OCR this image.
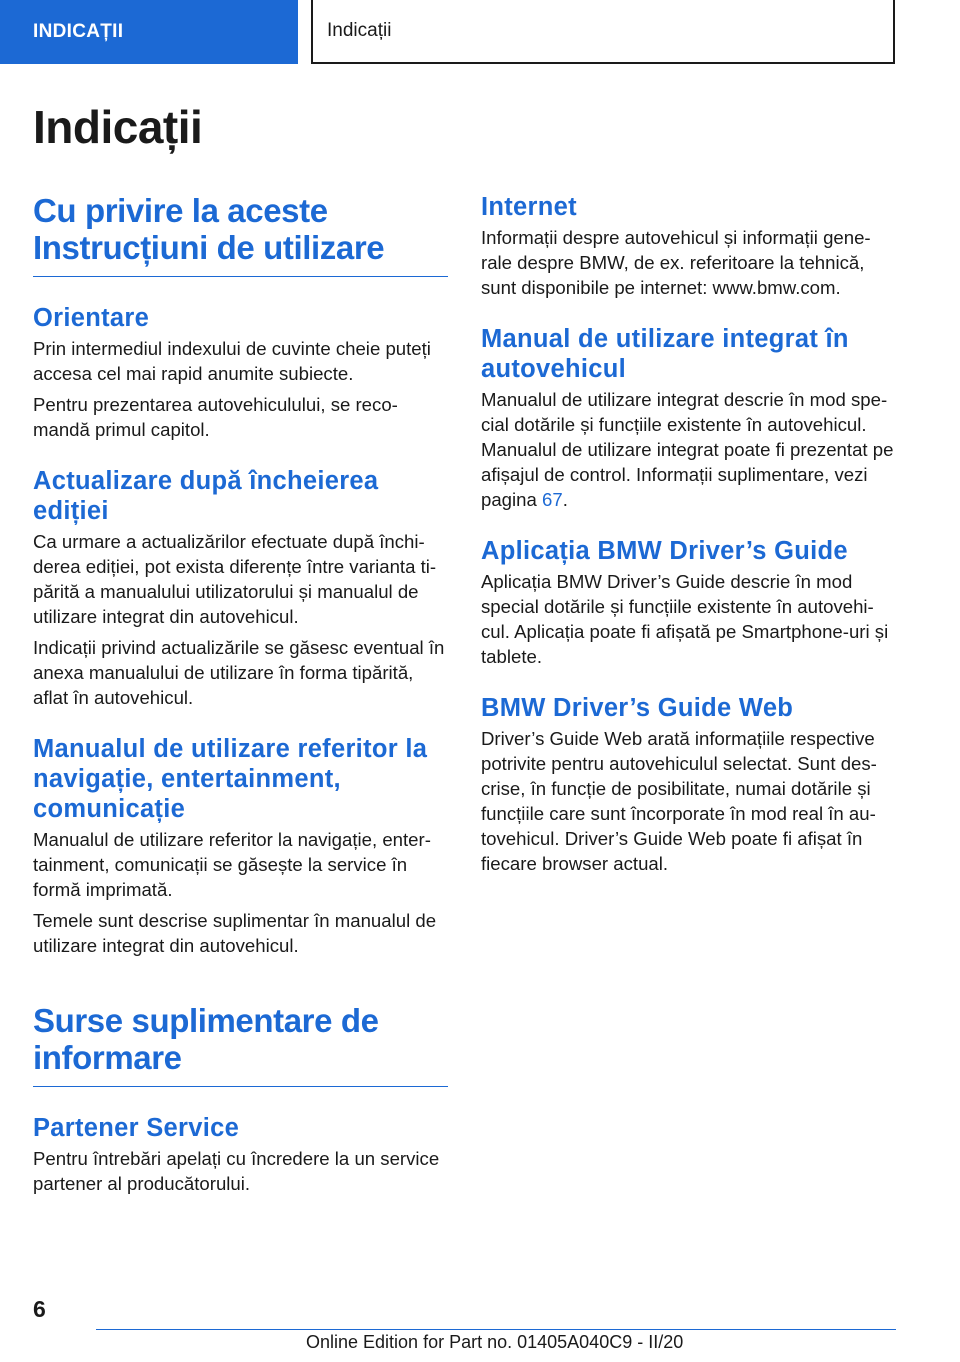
INDICAȚII	Indicații
Indicații
Cu privire la aceste Instrucțiuni de utilizare
Orientare

Prin intermediul indexului de cuvinte cheie puteți accesa cel mai rapid anumite subiecte.

Pentru prezentarea autovehiculului, se reco-mandă primul capitol.

Actualizare după încheierea ediției

Ca urmare a actualizărilor efectuate după închi-derea ediției, pot exista diferențe între varianta ti-părită a manualului utilizatorului și manualul de utilizare integrat din autovehicul.

Indicații privind actualizările se găsesc eventual în anexa manualului de utilizare în forma tipărită, aflat în autovehicul.

Manualul de utilizare referitor la navigație, entertainment, comunicație

Manualul de utilizare referitor la navigație, enter-tainment, comunicații se găsește la service în formă imprimată.

Temele sunt descrise suplimentar în manualul de utilizare integrat din autovehicul.

Surse suplimentare de informare
Partener Service

Pentru întrebări apelați cu încredere la un service partener al producătorului.

Internet

Informații despre autovehicul și informații gene-rale despre BMW, de ex. referitoare la tehnică, sunt disponibile pe internet: www.bmw.com.

Manual de utilizare integrat în autovehicul

Manualul de utilizare integrat descrie în mod spe-cial dotările și funcțiile existente în autovehicul. Manualul de utilizare integrat poate fi prezentat pe afișajul de control. Informații suplimentare, vezi pagina 67.

Aplicația BMW Driver’s Guide

Aplicația BMW Driver’s Guide descrie în mod special dotările și funcțiile existente în autovehi-cul. Aplicația poate fi afișată pe Smartphone-uri și tablete.

BMW Driver’s Guide Web

Driver’s Guide Web arată informațiile respective potrivite pentru autovehiculul selectat. Sunt des-crise, în funcție de posibilitate, numai dotările și funcțiile care sunt încorporate în mod real în au-tovehicul. Driver’s Guide Web poate fi afișat în fiecare browser actual.

6
Online Edition for Part no. 01405A040C9 - II/20
